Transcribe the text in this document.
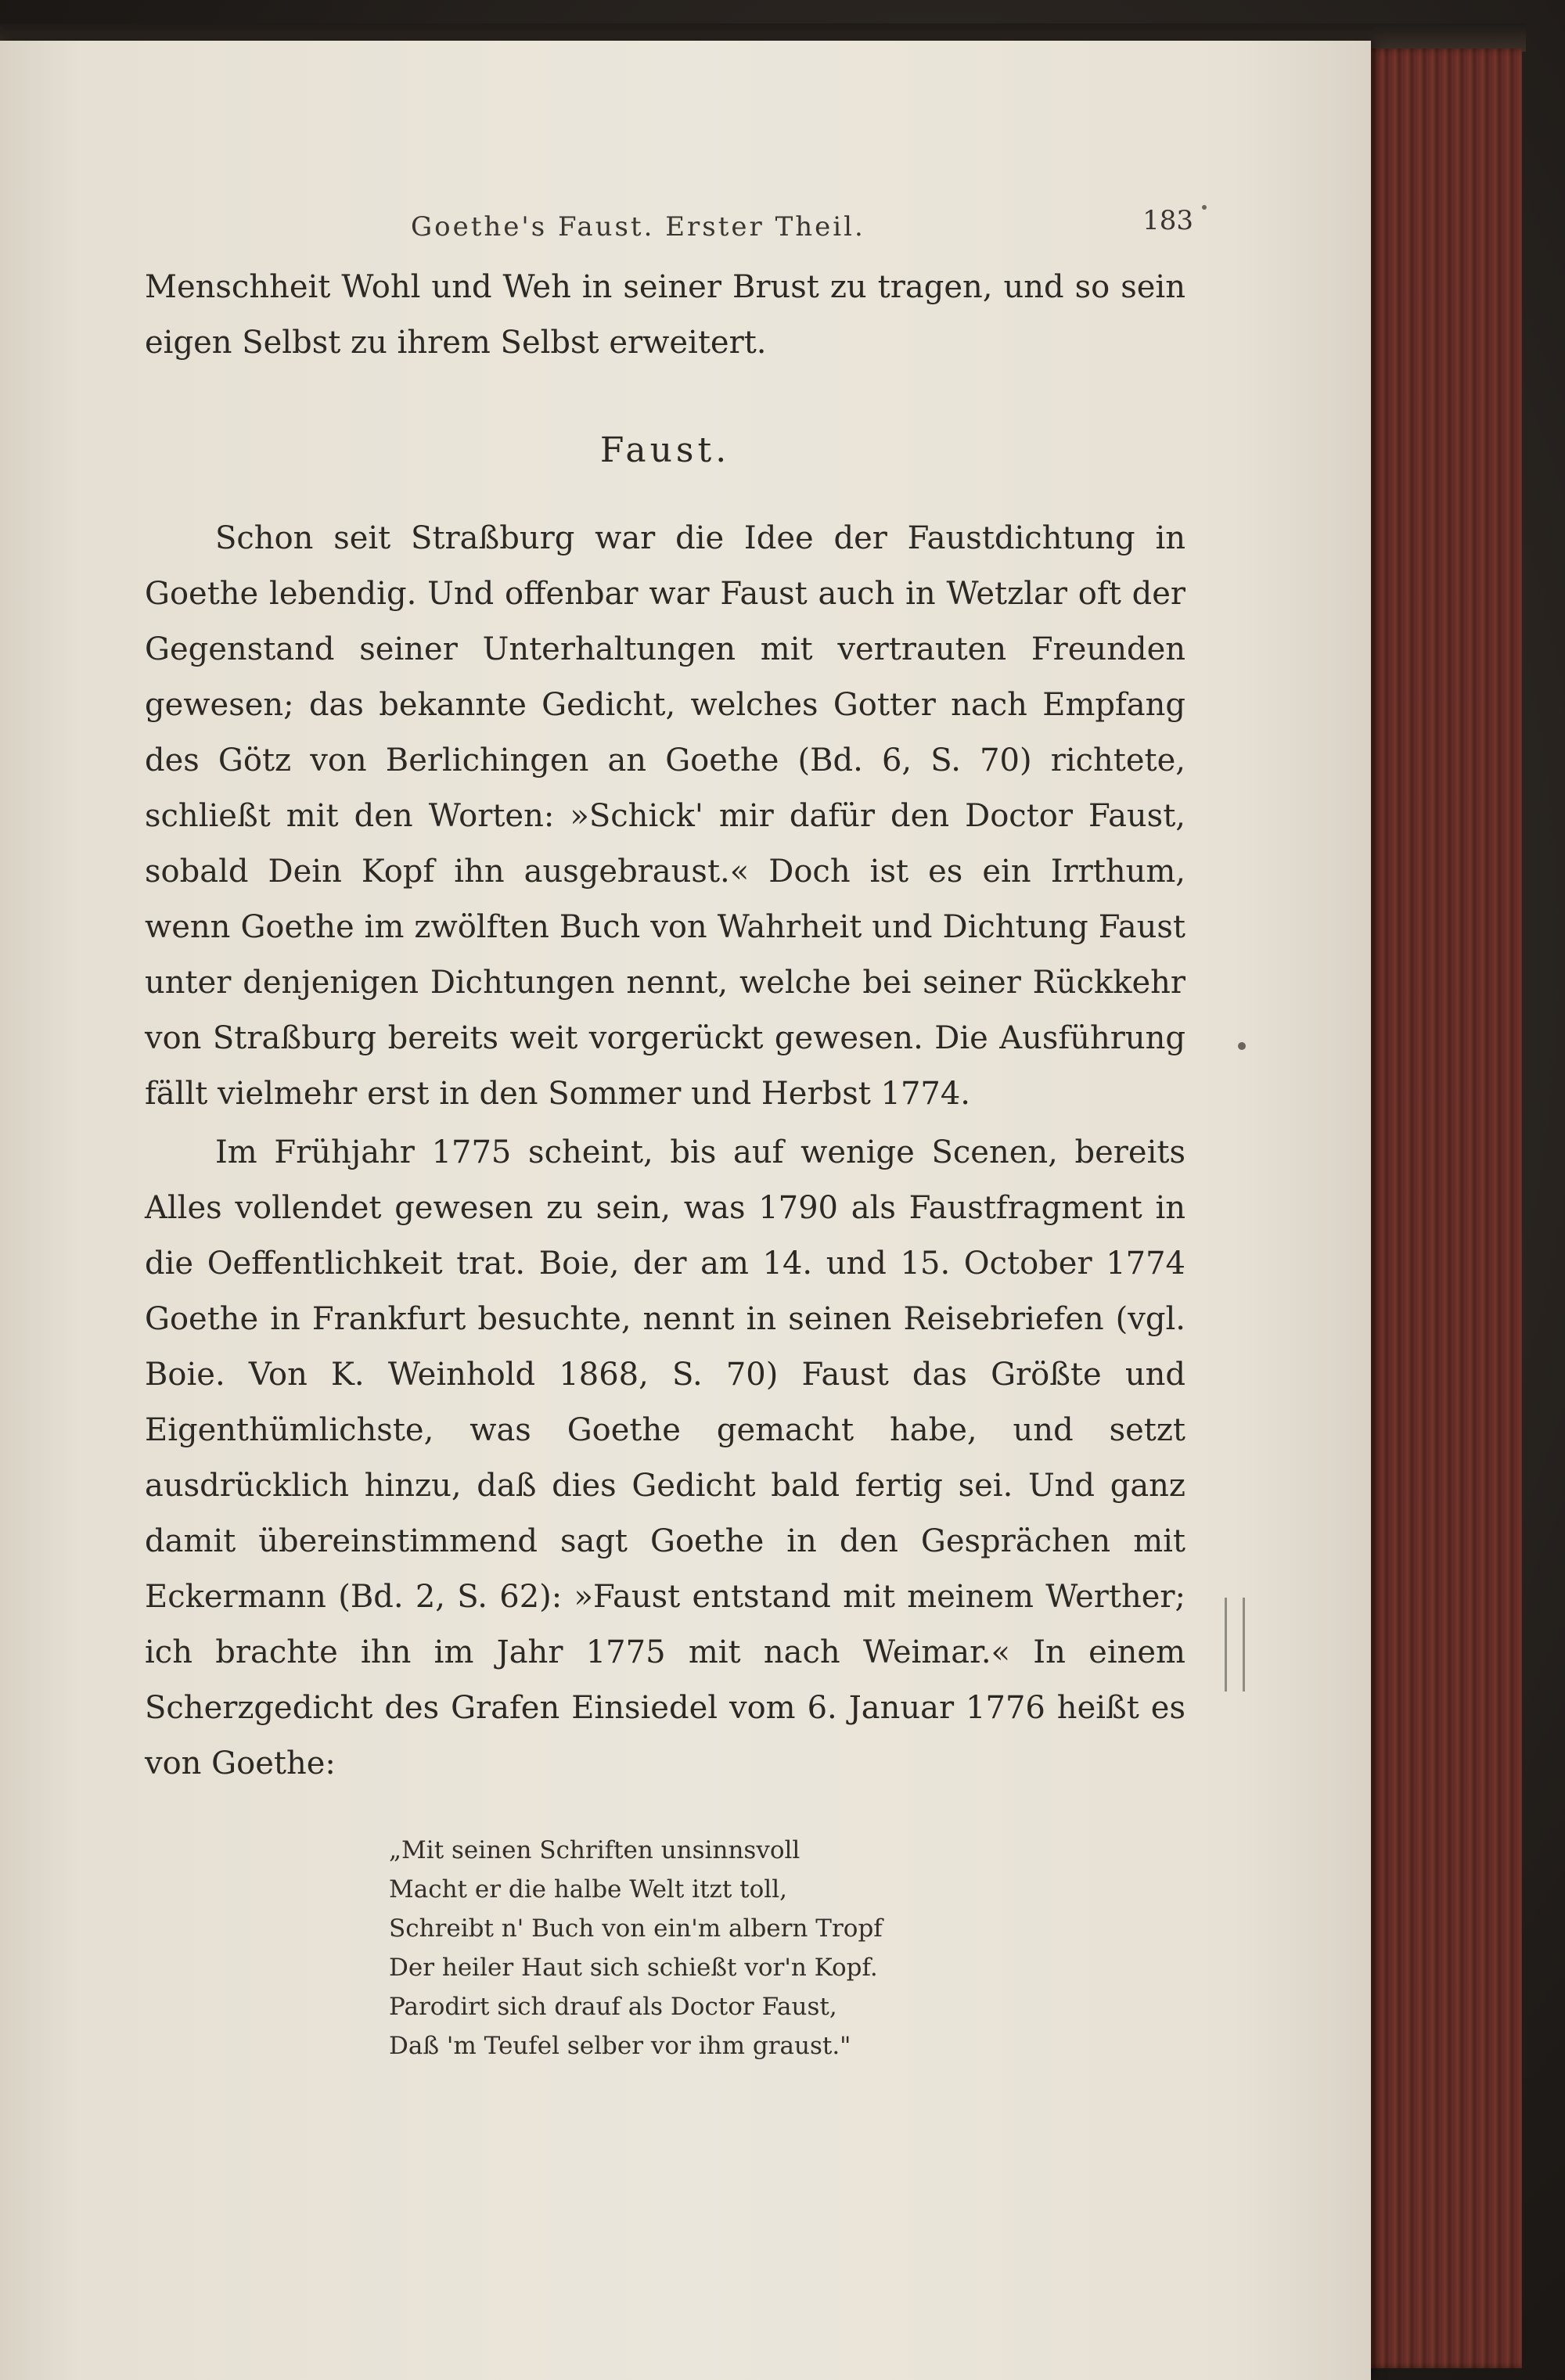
Goethe's Faust. Erster Theil.	183

Menschheit Wohl und Weh in seiner Brust zu tragen, und so sein eigen Selbst zu ihrem Selbst erweitert.

Faust.

Schon seit Straßburg war die Idee der Faustdichtung in Goethe lebendig. Und offenbar war Faust auch in Wetzlar oft der Gegenstand seiner Unterhaltungen mit vertrauten Freunden gewesen; das bekannte Gedicht, welches Gotter nach Empfang des Götz von Berlichingen an Goethe (Bd. 6, S. 70) richtete, schließt mit den Worten: »Schick' mir dafür den Doctor Faust, sobald Dein Kopf ihn ausgebraust.« Doch ist es ein Irrthum, wenn Goethe im zwölften Buch von Wahrheit und Dichtung Faust unter denjenigen Dichtungen nennt, welche bei seiner Rückkehr von Straßburg bereits weit vorgerückt gewesen. Die Ausführung fällt vielmehr erst in den Sommer und Herbst 1774.

Im Frühjahr 1775 scheint, bis auf wenige Scenen, bereits Alles vollendet gewesen zu sein, was 1790 als Faustfragment in die Oeffentlichkeit trat. Boie, der am 14. und 15. October 1774 Goethe in Frankfurt besuchte, nennt in seinen Reisebriefen (vgl. Boie. Von K. Weinhold 1868, S. 70) Faust das Größte und Eigenthümlichste, was Goethe gemacht habe, und setzt ausdrücklich hinzu, daß dies Gedicht bald fertig sei. Und ganz damit übereinstimmend sagt Goethe in den Gesprächen mit Eckermann (Bd. 2, S. 62): »Faust entstand mit meinem Werther; ich brachte ihn im Jahr 1775 mit nach Weimar.« In einem Scherzgedicht des Grafen Einsiedel vom 6. Januar 1776 heißt es von Goethe:

„Mit seinen Schriften unsinnsvoll
Macht er die halbe Welt itzt toll,
Schreibt n' Buch von ein'm albern Tropf
Der heiler Haut sich schießt vor'n Kopf.
Parodirt sich drauf als Doctor Faust,
Daß 'm Teufel selber vor ihm graust."
